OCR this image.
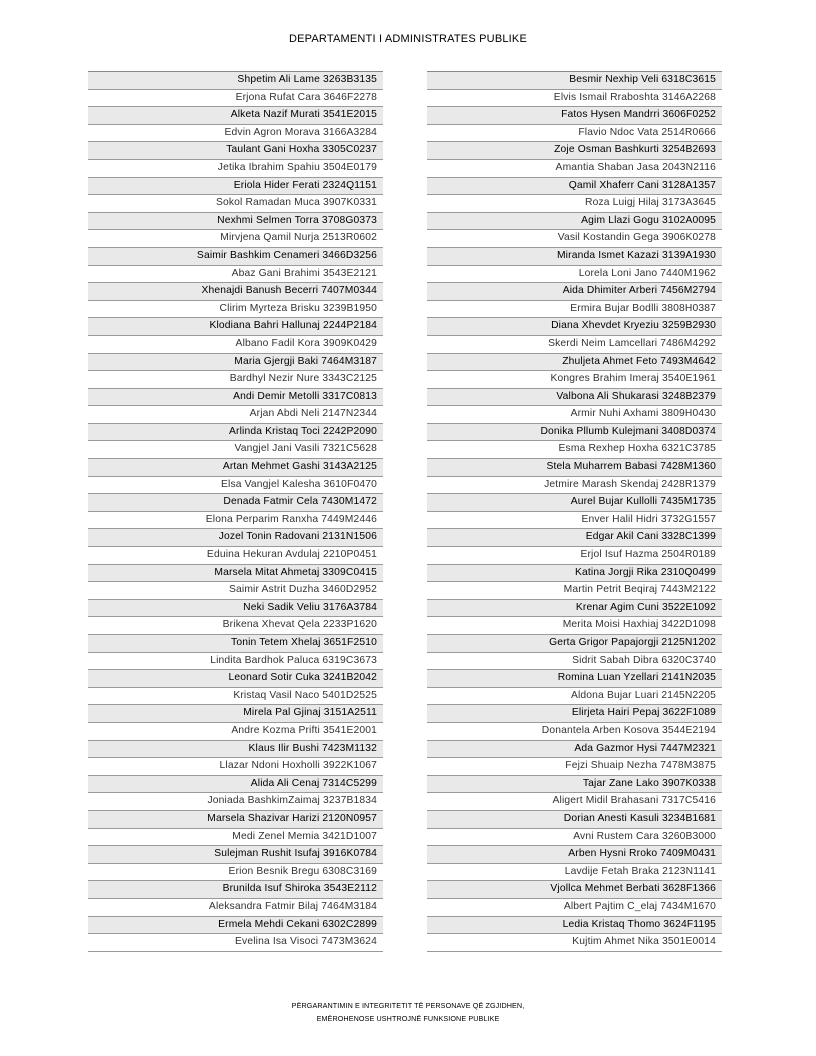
DEPARTAMENTI I ADMINISTRATES PUBLIKE
Shpetim Ali Lame 3263B3135
Erjona Rufat Cara 3646F2278
Alketa Nazif Murati 3541E2015
Edvin Agron Morava 3166A3284
Taulant Gani Hoxha 3305C0237
Jetika Ibrahim Spahiu 3504E0179
Eriola Hider Ferati 2324Q1151
Sokol Ramadan Muca 3907K0331
Nexhmi Selmen Torra 3708G0373
Mirvjena Qamil Nurja 2513R0602
Saimir Bashkim Cenameri 3466D3256
Abaz Gani Brahimi 3543E2121
Xhenajdi Banush Becerri 7407M0344
Clirim Myrteza Brisku 3239B1950
Klodiana Bahri Hallunaj 2244P2184
Albano Fadil Kora 3909K0429
Maria Gjergji Baki 7464M3187
Bardhyl Nezir Nure 3343C2125
Andi Demir Metolli 3317C0813
Arjan Abdi Neli 2147N2344
Arlinda Kristaq Toci 2242P2090
Vangjel Jani Vasili 7321C5628
Artan Mehmet Gashi 3143A2125
Elsa Vangjel Kalesha 3610F0470
Denada Fatmir Cela 7430M1472
Elona Perparim Ranxha 7449M2446
Jozel Tonin Radovani 2131N1506
Eduina Hekuran Avdulaj 2210P0451
Marsela Mitat Ahmetaj 3309C0415
Saimir Astrit Duzha 3460D2952
Neki Sadik Veliu 3176A3784
Brikena Xhevat Qela 2233P1620
Tonin Tetem Xhelaj 3651F2510
Lindita Bardhok Paluca 6319C3673
Leonard Sotir Cuka 3241B2042
Kristaq Vasil Naco 5401D2525
Mirela Pal Gjinaj 3151A2511
Andre Kozma Prifti 3541E2001
Klaus Ilir Bushi 7423M1132
Llazar Ndoni Hoxholli 3922K1067
Alida Ali Cenaj 7314C5299
Joniada BashkimZaimaj 3237B1834
Marsela Shazivar Harizi 2120N0957
Medi Zenel Memia 3421D1007
Sulejman Rushit Isufaj 3916K0784
Erion Besnik Bregu 6308C3169
Brunilda Isuf Shiroka 3543E2112
Aleksandra Fatmir Bilaj 7464M3184
Ermela Mehdi Cekani 6302C2899
Evelina Isa Visoci 7473M3624
Besmir Nexhip Veli 6318C3615
Elvis Ismail Rraboshta 3146A2268
Fatos Hysen Mandrri 3606F0252
Flavio Ndoc Vata 2514R0666
Zoje Osman Bashkurti 3254B2693
Amantia Shaban Jasa 2043N2116
Qamil Xhaferr Cani 3128A1357
Roza Luigj Hilaj 3173A3645
Agim Llazi Gogu 3102A0095
Vasil Kostandin Gega 3906K0278
Miranda Ismet Kazazi 3139A1930
Lorela Loni Jano 7440M1962
Aida Dhimiter Arberi 7456M2794
Ermira Bujar Bodlli 3808H0387
Diana Xhevdet Kryeziu 3259B2930
Skerdi Neim Lamcellari 7486M4292
Zhuljeta Ahmet Feto 7493M4642
Kongres Brahim Imeraj 3540E1961
Valbona Ali Shukarasi 3248B2379
Armir Nuhi Axhami 3809H0430
Donika Pllumb Kulejmani 3408D0374
Esma Rexhep Hoxha 6321C3785
Stela Muharrem Babasi 7428M1360
Jetmire Marash Skendaj 2428R1379
Aurel Bujar Kullolli 7435M1735
Enver Halil Hidri 3732G1557
Edgar Akil Cani 3328C1399
Erjol Isuf Hazma 2504R0189
Katina Jorgji Rika 2310Q0499
Martin Petrit Beqiraj 7443M2122
Krenar Agim Cuni 3522E1092
Merita Moisi Haxhiaj 3422D1098
Gerta Grigor Papajorgji 2125N1202
Sidrit Sabah Dibra 6320C3740
Romina Luan Yzellari 2141N2035
Aldona Bujar Luari 2145N2205
Elirjeta Hairi Pepaj 3622F1089
Donantela Arben Kosova 3544E2194
Ada Gazmor Hysi 7447M2321
Fejzi Shuaip Nezha 7478M3875
Tajar Zane Lako 3907K0338
Aligert Midil Brahasani 7317C5416
Dorian Anesti Kasuli 3234B1681
Avni Rustem Cara 3260B3000
Arben Hysni Rroko 7409M0431
Lavdije Fetah Braka 2123N1141
Vjollca Mehmet Berbati 3628F1366
Albert Pajtim C_elaj 7434M1670
Ledia Kristaq Thomo 3624F1195
Kujtim Ahmet Nika 3501E0014
PËRGARANTIMIN E INTEGRITETIT TË PERSONAVE QË ZGJIDHEN,
EMËROHENOSE USHTROJNË FUNKSIONE PUBLIKE
